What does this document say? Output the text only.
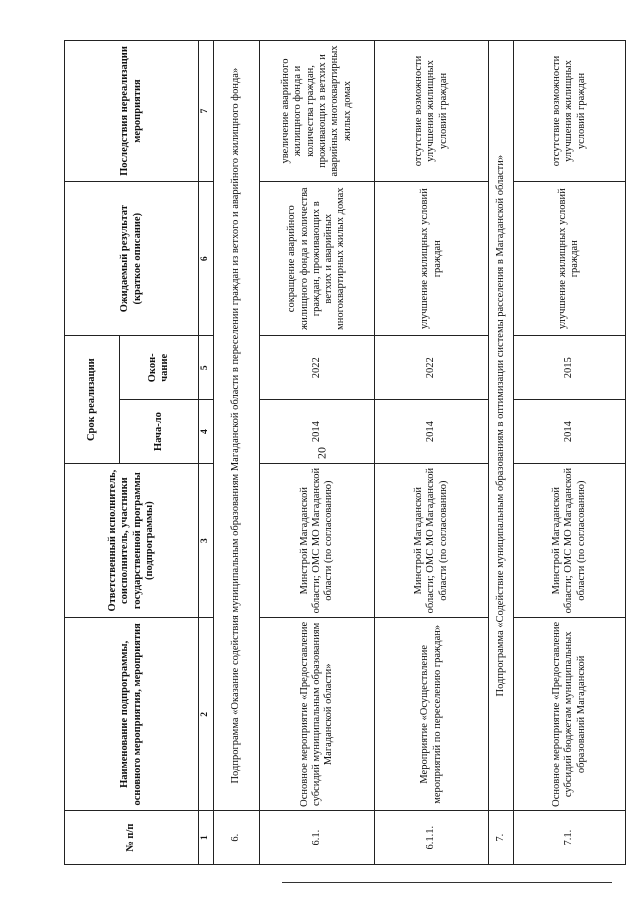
20
№ п/п	Наименование подпрограммы, основного мероприятия, мероприятия	Ответственный исполнитель, соисполнитель, участники государственной программы (подпрограммы)	Срок реализации		Ожидаемый результат (краткое описание)	Последствия нереализации мероприятия
			Нача-ло	Окон-чание		
1	2	3	4	5	6	7
6.	Подпрограмма «Оказание содействия муниципальным образованиям Магаданской области в переселении граждан из ветхого и аварийного жилищного фонда»					
6.1.	Основное мероприятие «Предоставление субсидий муниципальным образованиям Магаданской области»	Минстрой Магаданской области; ОМС МО Магаданской области (по согласованию)	2014	2022	сокращение аварийного жилищного фонда и количества граждан, проживающих в ветхих и аварийных многоквартирных жилых домах	увеличение аварийного жилищного фонда и количества граждан, проживающих в ветхих и аварийных многоквартирных жилых домах
6.1.1.	Мероприятие «Осуществление мероприятий по переселению граждан»	Минстрой Магаданской области; ОМС МО Магаданской области (по согласованию)	2014	2022	улучшение жилищных условий граждан	отсутствие возможности улучшения жилищных условий граждан
7.	Подпрограмма «Содействие муниципальным образованиям в оптимизации системы расселения в Магаданской области»					
7.1.	Основное мероприятие «Предоставление субсидий бюджетам муниципальных образований Магаданской	Минстрой Магаданской области; ОМС МО Магаданской области (по согласованию)	2014	2015	улучшение жилищных условий граждан	отсутствие возможности улучшения жилищных условий граждан
